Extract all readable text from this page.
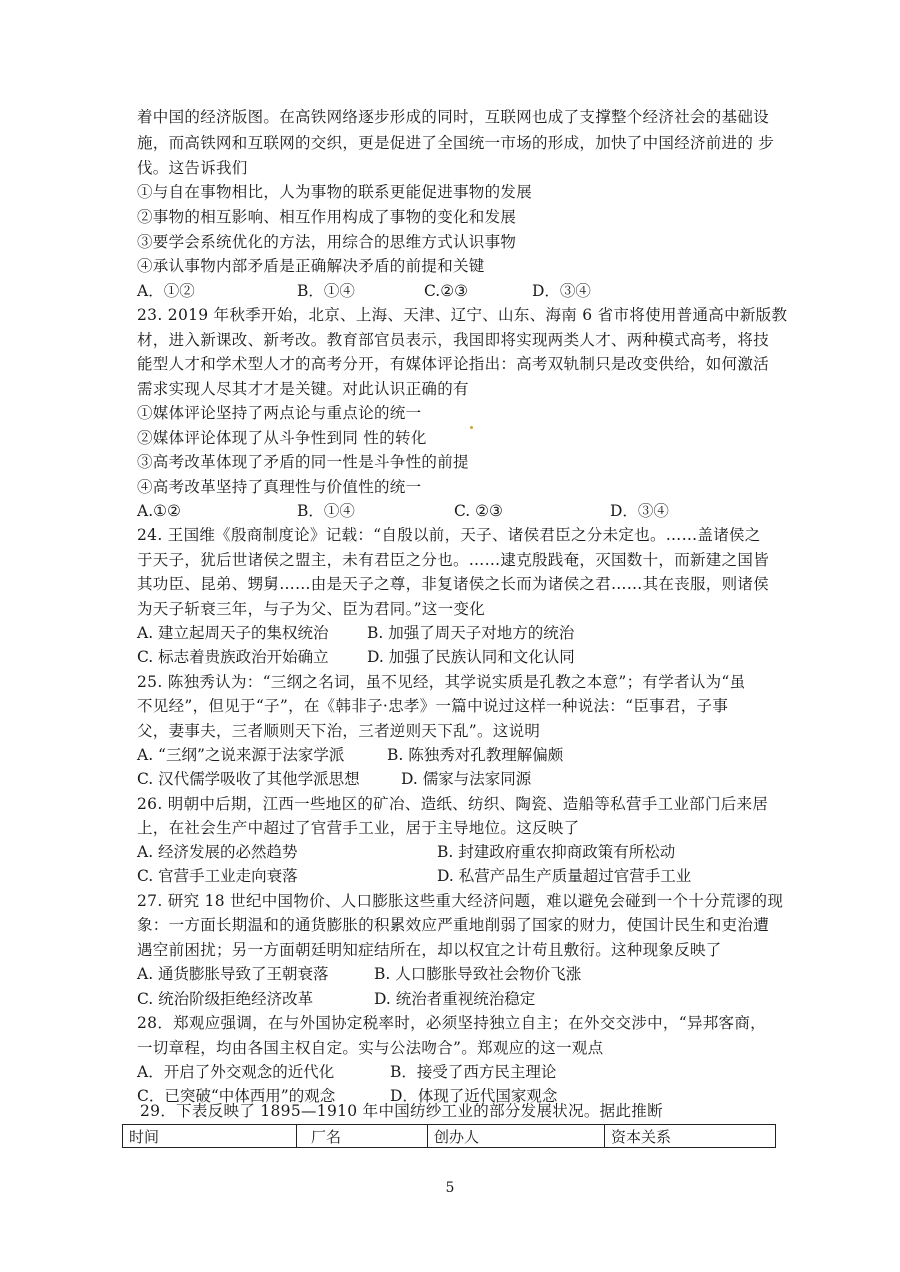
着中国的经济版图。在高铁网络逐步形成的同时，互联网也成了支撑整个经济社会的基础设
施，而高铁网和互联网的交织，更是促进了全国统一市场的形成，加快了中国经济前进的 步
伐。这告诉我们
①与自在事物相比，人为事物的联系更能促进事物的发展
②事物的相互影响、相互作用构成了事物的变化和发展
③要学会系统优化的方法，用综合的思维方式认识事物
④承认事物内部矛盾是正确解决矛盾的前提和关键
A．①②	B．①④	C.②③	D．③④
23. 2019 年秋季开始，北京、上海、天津、辽宁、山东、海南 6 省市将使用普通高中新版教
材，进入新课改、新考改。教育部官员表示，我国即将实现两类人才、两种模式高考，将技
能型人才和学术型人才的高考分开，有媒体评论指出：高考双轨制只是改变供给，如何激活
需求实现人尽其才才是关键。对此认识正确的有
①媒体评论坚持了两点论与重点论的统一
②媒体评论体现了从斗争性到同 性的转化
③高考改革体现了矛盾的同一性是斗争性的前提
④高考改革坚持了真理性与价值性的统一
A.①②	B．①④	C. ②③	D．③④
24. 王国维《殷商制度论》记载：“自殷以前，天子、诸侯君臣之分未定也。……盖诸侯之
于天子，犹后世诸侯之盟主，未有君臣之分也。……逮克殷践奄，灭国数十，而新建之国皆
其功臣、昆弟、甥舅……由是天子之尊，非复诸侯之长而为诸侯之君……其在丧服，则诸侯
为天子斩衰三年，与子为父、臣为君同。”这一变化
A. 建立起周天子的集权统治 B. 加强了周天子对地方的统治
C. 标志着贵族政治开始确立 D. 加强了民族认同和文化认同
25. 陈独秀认为：“三纲之名词，虽不见经，其学说实质是孔教之本意”；有学者认为“虽
不见经”，但见于“子”，在《韩非子·忠孝》一篇中说过这样一种说法：“臣事君，子事
父，妻事夫，三者顺则天下治，三者逆则天下乱”。这说明
A. “三纲”之说来源于法家学派	B. 陈独秀对孔教理解偏颇
C. 汉代儒学吸收了其他学派思想	D. 儒家与法家同源
26. 明朝中后期，江西一些地区的矿冶、造纸、纺织、陶瓷、造船等私营手工业部门后来居
上，在社会生产中超过了官营手工业，居于主导地位。这反映了
A. 经济发展的必然趋势	B. 封建政府重农抑商政策有所松动
C. 官营手工业走向衰落	D. 私营产品生产质量超过官营手工业
27. 研究 18 世纪中国物价、人口膨胀这些重大经济问题，难以避免会碰到一个十分荒谬的现
象：一方面长期温和的通货膨胀的积累效应严重地削弱了国家的财力，使国计民生和吏治遭
遇空前困扰；另一方面朝廷明知症结所在，却以权宜之计苟且敷衍。这种现象反映了
A. 通货膨胀导致了王朝衰落	B. 人口膨胀导致社会物价飞涨
C. 统治阶级拒绝经济改革	D. 统治者重视统治稳定
28．郑观应强调，在与外国协定税率时，必须坚持独立自主；在外交交涉中，“异邦客商，
一切章程，均由各国主权自定。实与公法吻合”。郑观应的这一观点
A．开启了外交观念的近代化	B．接受了西方民主理论
C．已突破“中体西用”的观念	D．体现了近代国家观念
29．下表反映了 1895—1910 年中国纺纱工业的部分发展状况。据此推断
时间	厂名	创办人	资本关系
5
